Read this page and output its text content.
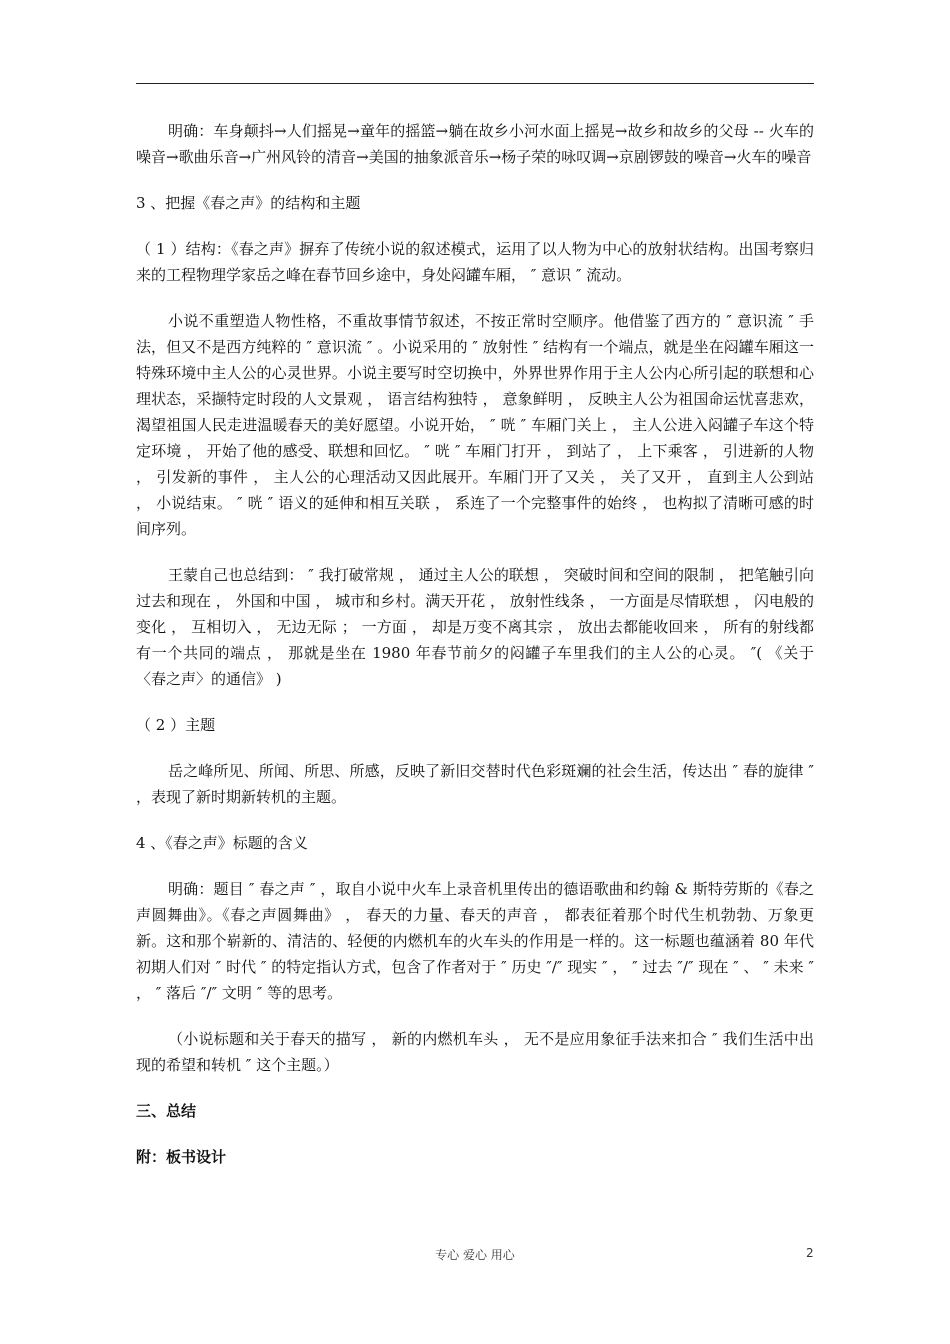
明确：车身颠抖→人们摇晃→童年的摇篮→躺在故乡小河水面上摇晃→故乡和故乡的父母 -- 火车的噪音→歌曲乐音→广州风铃的清音→美国的抽象派音乐→杨子荣的咏叹调→京剧锣鼓的噪音→火车的噪音

3 、把握《春之声》的结构和主题

（ 1 ）结构：《春之声》摒弃了传统小说的叙述模式，运用了以人物为中心的放射状结构。出国考察归来的工程物理学家岳之峰在春节回乡途中，身处闷罐车厢， ″ 意识 ″ 流动。

小说不重塑造人物性格，不重故事情节叙述，不按正常时空顺序。他借鉴了西方的 ″ 意识流 ″ 手法，但又不是西方纯粹的 ″ 意识流 ″ 。小说采用的 ″ 放射性 ″ 结构有一个端点，就是坐在闷罐车厢这一特殊环境中主人公的心灵世界。小说主要写时空切换中，外界世界作用于主人公内心所引起的联想和心理状态，采撷特定时段的人文景观 ， 语言结构独特 ， 意象鲜明 ， 反映主人公为祖国命运忧喜悲欢， 渴望祖国人民走进温暖春天的美好愿望。小说开始， ″ 咣 ″ 车厢门关上 ， 主人公进入闷罐子车这个特定环境 ， 开始了他的感受、联想和回忆。 ″ 咣 ″ 车厢门打开 ， 到站了 ， 上下乘客 ， 引进新的人物 ， 引发新的事件 ， 主人公的心理活动又因此展开。车厢门开了又关 ， 关了又开 ， 直到主人公到站 ， 小说结束。 ″ 咣 ″ 语义的延伸和相互关联 ， 系连了一个完整事件的始终 ， 也构拟了清晰可感的时间序列。

王蒙自己也总结到： ″ 我打破常规 ， 通过主人公的联想 ， 突破时间和空间的限制 ， 把笔触引向过去和现在 ， 外国和中国 ， 城市和乡村。满天开花 ， 放射性线条 ， 一方面是尽情联想 ， 闪电般的变化 ， 互相切入 ， 无边无际 ； 一方面 ， 却是万变不离其宗 ， 放出去都能收回来 ， 所有的射线都有一个共同的端点 ， 那就是坐在 1980 年春节前夕的闷罐子车里我们的主人公的心灵。 ″( 《关于〈春之声〉的通信》 )

（ 2 ）主题

岳之峰所见、所闻、所思、所感，反映了新旧交替时代色彩斑斓的社会生活，传达出 ″ 春的旋律 ″ ，表现了新时期新转机的主题。

4 、《春之声》标题的含义

明确：题目 ″ 春之声 ″ ，取自小说中火车上录音机里传出的德语歌曲和约翰 & 斯特劳斯的《春之声圆舞曲》。《春之声圆舞曲》 ， 春天的力量、春天的声音 ， 都表征着那个时代生机勃勃、万象更新。这和那个崭新的、清洁的、轻便的内燃机车的火车头的作用是一样的。这一标题也蕴涵着 80 年代初期人们对 ″ 时代 ″ 的特定指认方式，包含了作者对于 ″ 历史 ″/″ 现实 ″ ， ″ 过去 ″/″ 现在 ″ 、 ″ 未来 ″ ， ″ 落后 ″/″ 文明 ″ 等的思考。

（小说标题和关于春天的描写 ， 新的内燃机车头 ， 无不是应用象征手法来扣合 ″ 我们生活中出现的希望和转机 ″ 这个主题。）

三、总结

附：板书设计

专心 爱心 用心	2
